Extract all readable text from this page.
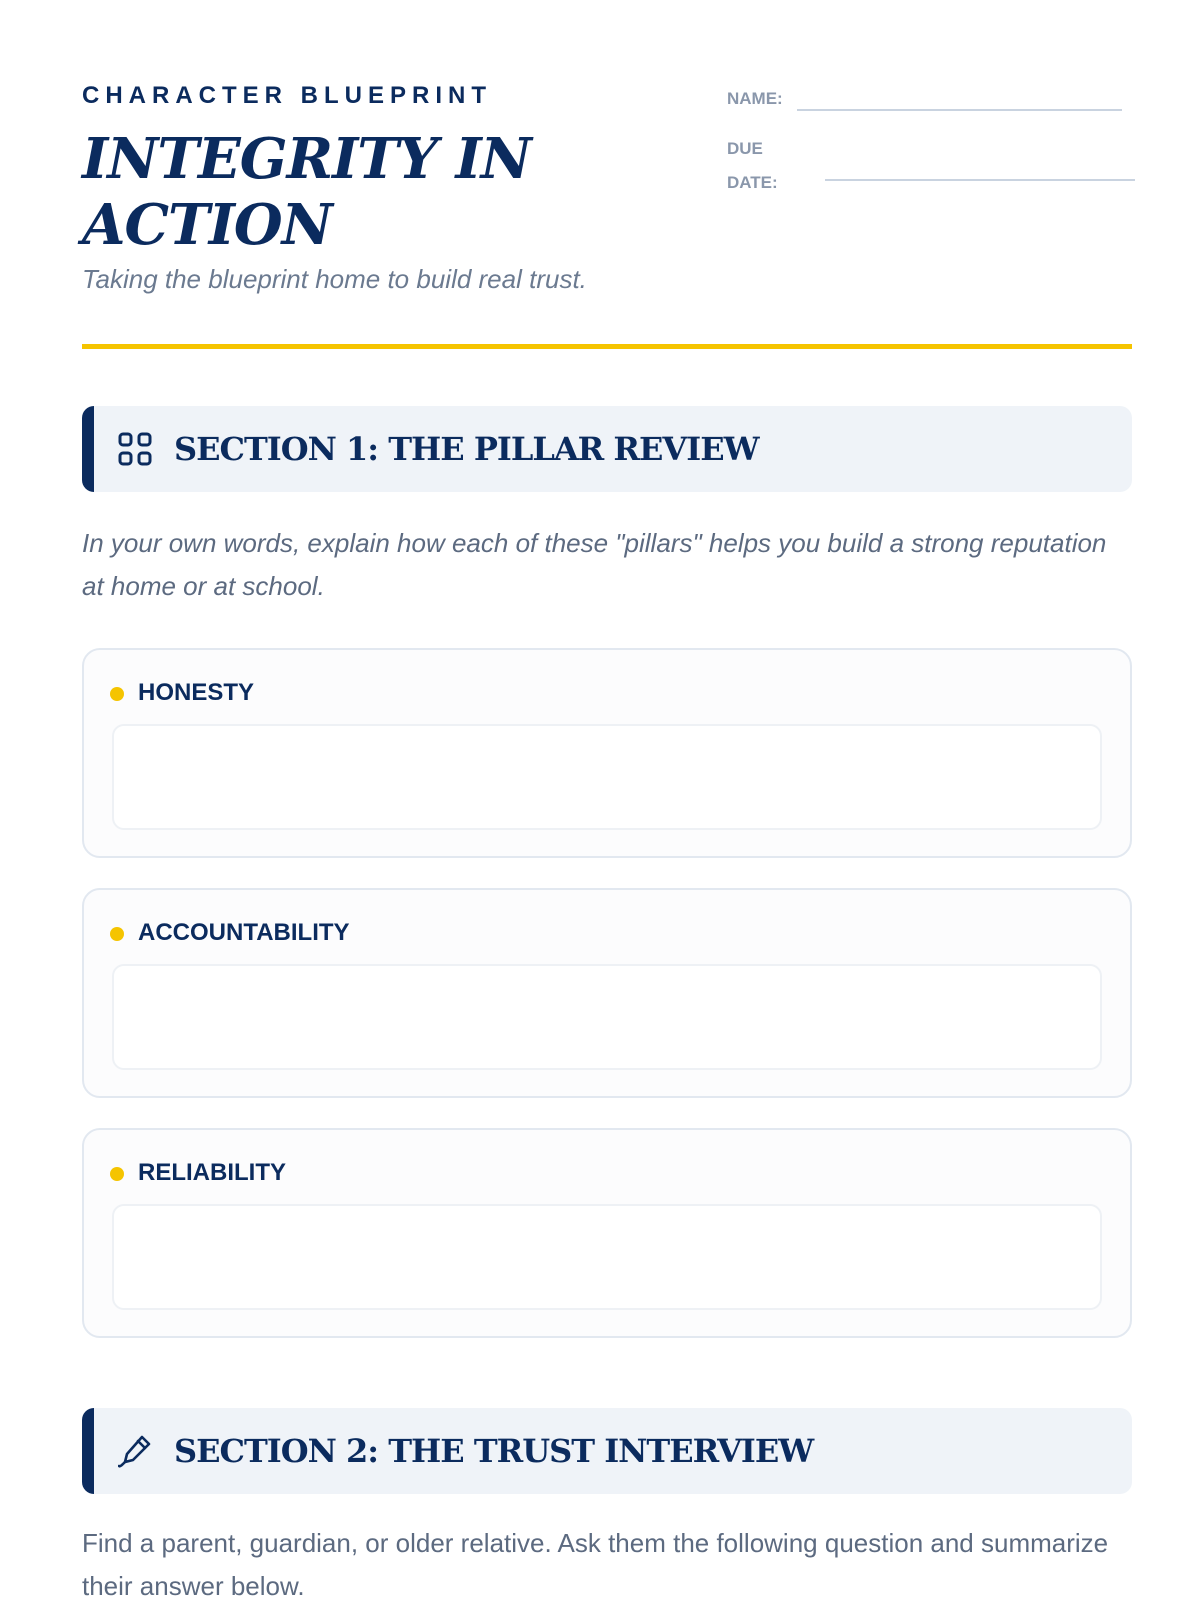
CHARACTER BLUEPRINT
INTEGRITY IN
ACTION
Taking the blueprint home to build real trust.
NAME:
DUE
DATE:
SECTION 1: THE PILLAR REVIEW
In your own words, explain how each of these "pillars" helps you build a strong reputation at home or at school.
HONESTY
ACCOUNTABILITY
RELIABILITY
SECTION 2: THE TRUST INTERVIEW
Find a parent, guardian, or older relative. Ask them the following question and summarize their answer below.
